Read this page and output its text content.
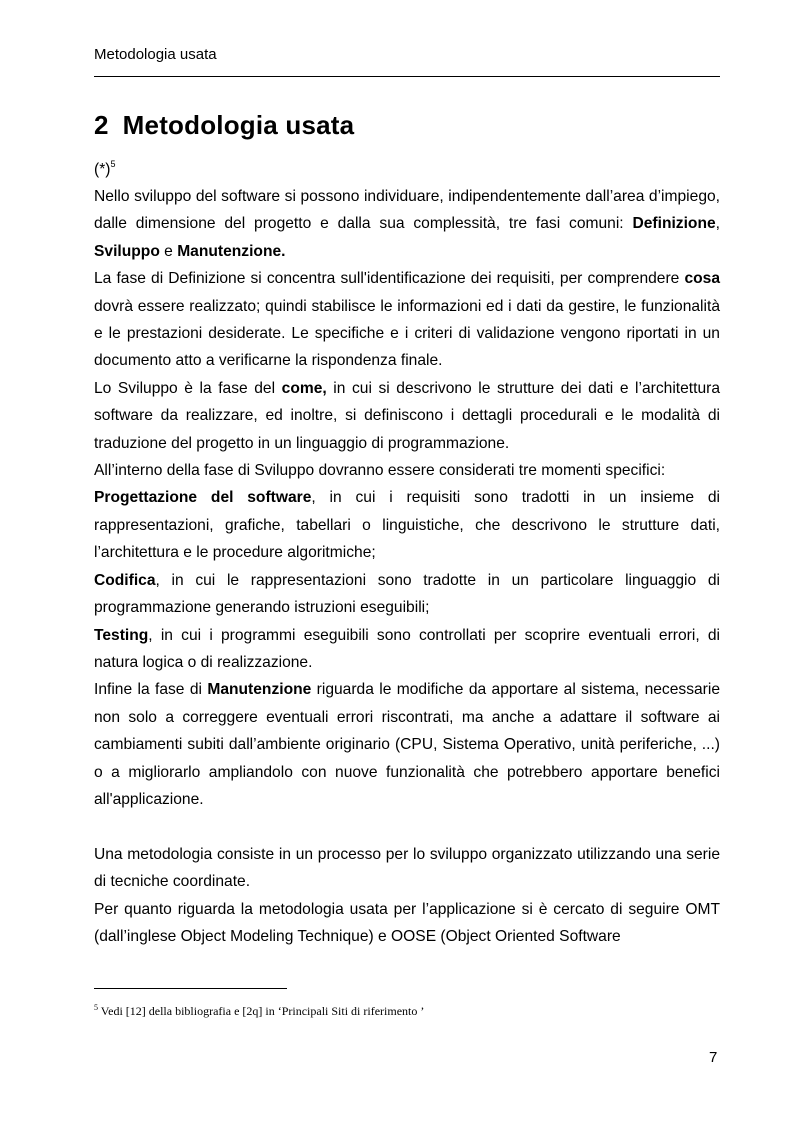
Metodologia usata
2 Metodologia usata

$(*)^5$

Nello sviluppo del software si possono individuare, indipendentemente dall’area d’impiego, dalle dimensione del progetto e dalla sua complessità, tre fasi comuni: Definizione, Sviluppo e Manutenzione.

La fase di Definizione si concentra sull'identificazione dei requisiti, per comprendere cosa dovrà essere realizzato; quindi stabilisce le informazioni ed i dati da gestire, le funzionalità e le prestazioni desiderate. Le specifiche e i criteri di validazione vengono riportati in un documento atto a verificarne la rispondenza finale.

Lo Sviluppo è la fase del come, in cui si descrivono le strutture dei dati e l’architettura software da realizzare, ed inoltre, si definiscono i dettagli procedurali e le modalità di traduzione del progetto in un linguaggio di programmazione.

All’interno della fase di Sviluppo dovranno essere considerati tre momenti specifici:

Progettazione del software, in cui i requisiti sono tradotti in un insieme di rappresentazioni, grafiche, tabellari o linguistiche, che descrivono le strutture dati, l’architettura e le procedure algoritmiche;

Codifica, in cui le rappresentazioni sono tradotte in un particolare linguaggio di programmazione generando istruzioni eseguibili;

Testing, in cui i programmi eseguibili sono controllati per scoprire eventuali errori, di natura logica o di realizzazione.

Infine la fase di Manutenzione riguarda le modifiche da apportare al sistema, necessarie non solo a correggere eventuali errori riscontrati, ma anche a adattare il software ai cambiamenti subiti dall’ambiente originario (CPU, Sistema Operativo, unità periferiche, ...) o a migliorarlo ampliandolo con nuove funzionalità che potrebbero apportare benefici all'applicazione.

Una metodologia consiste in un processo per lo sviluppo organizzato utilizzando una serie di tecniche coordinate.

Per quanto riguarda la metodologia usata per l’applicazione si è cercato di seguire OMT (dall’inglese Object Modeling Technique) e OOSE (Object Oriented Software

$^5$ Vedi [12] della bibliografia e [2q] in ‘Principali Siti di riferimento ’
7
